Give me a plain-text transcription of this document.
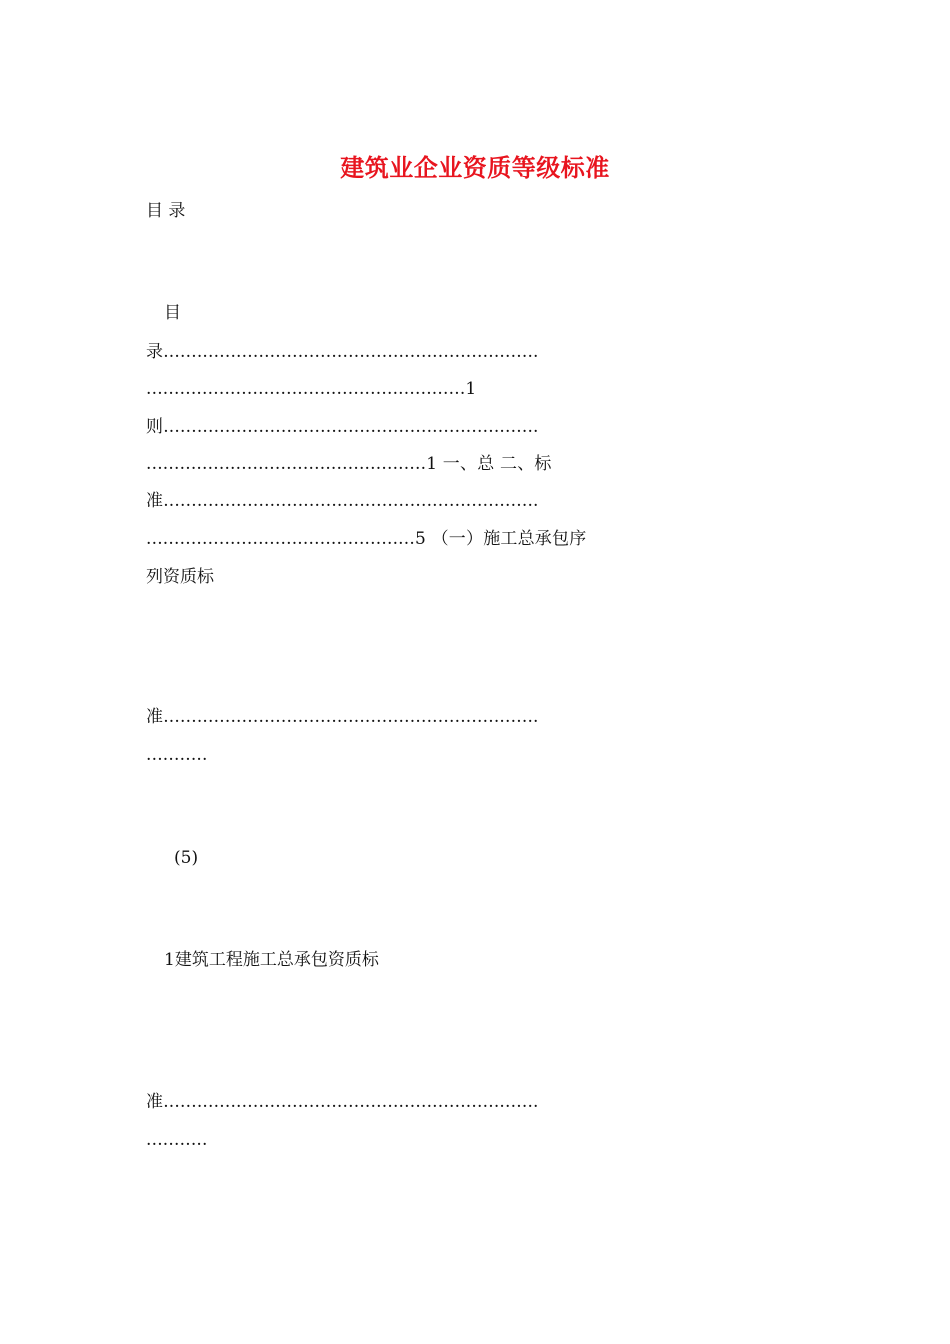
建筑业企业资质等级标准
目 录
目
录...................................................................
.........................................................1
则...................................................................
..................................................1 一、总 二、标
准...................................................................
................................................5 （一）施工总承包序
列资质标
准...................................................................
...........
(5)
1建筑工程施工总承包资质标
准...................................................................
...........
